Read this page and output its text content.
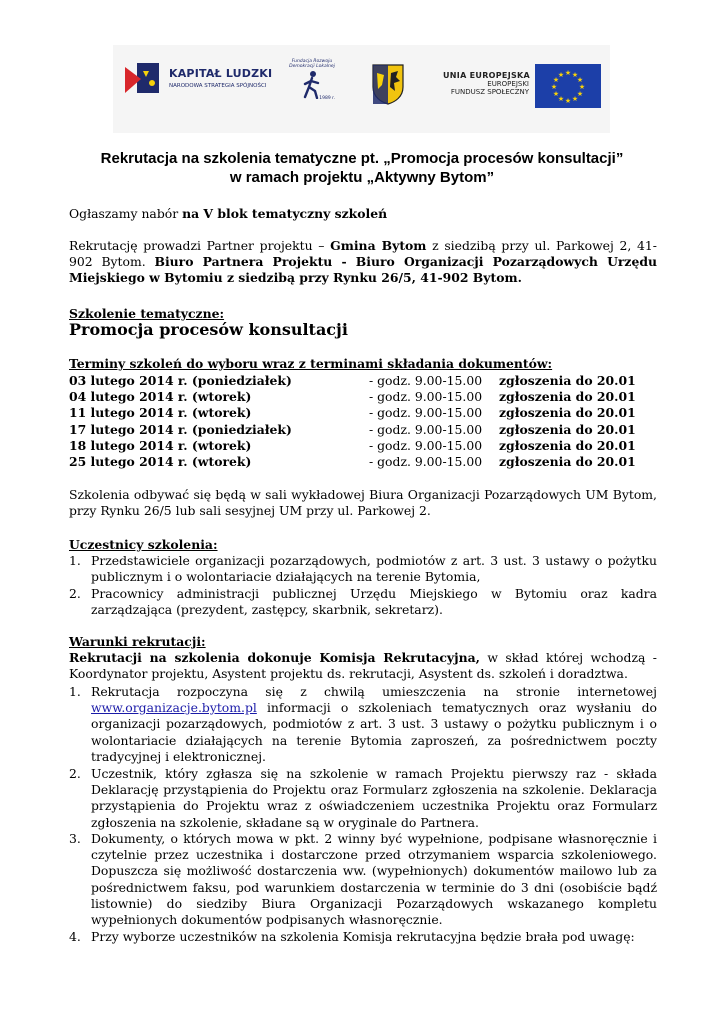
KAPITAŁ LUDZKI
NARODOWA STRATEGIA SPÓJNOŚCI
Fundacja Rozwoju Demokracji Lokalnej
1989 r.
UNIA EUROPEJSKA
EUROPEJSKI
FUNDUSZ SPOŁECZNY
★ ★
★
★
★
★
★
★
★
★
★
★
Rekrutacja na szkolenia tematyczne pt. „Promocja procesów konsultacji”
w ramach projektu „Aktywny Bytom”
Ogłaszamy nabór na V blok tematyczny szkoleń
Rekrutację prowadzi Partner projektu – Gmina Bytom z siedzibą przy ul. Parkowej 2, 41-902 Bytom. Biuro Partnera Projektu - Biuro Organizacji Pozarządowych Urzędu Miejskiego w Bytomiu z siedzibą przy Rynku 26/5, 41-902 Bytom.
Szkolenie tematyczne:
Promocja procesów konsultacji
Terminy szkoleń do wyboru wraz z terminami składania dokumentów:
03 lutego 2014 r. (poniedziałek)	- godz. 9.00-15.00 zgłoszenia do 20.01
04 lutego 2014 r. (wtorek)	- godz. 9.00-15.00 zgłoszenia do 20.01
11 lutego 2014 r. (wtorek)	- godz. 9.00-15.00 zgłoszenia do 20.01
17 lutego 2014 r. (poniedziałek)	- godz. 9.00-15.00 zgłoszenia do 20.01
18 lutego 2014 r. (wtorek)	- godz. 9.00-15.00 zgłoszenia do 20.01
25 lutego 2014 r. (wtorek)	- godz. 9.00-15.00 zgłoszenia do 20.01
Szkolenia odbywać się będą w sali wykładowej Biura Organizacji Pozarządowych UM Bytom, przy Rynku 26/5 lub sali sesyjnej UM przy ul. Parkowej 2.
Uczestnicy szkolenia:
1. Przedstawiciele organizacji pozarządowych, podmiotów z art. 3 ust. 3 ustawy o pożytku publicznym i o wolontariacie działających na terenie Bytomia,
2. Pracownicy administracji publicznej Urzędu Miejskiego w Bytomiu oraz kadra zarządzająca (prezydent, zastępcy, skarbnik, sekretarz).
Warunki rekrutacji:
Rekrutacji na szkolenia dokonuje Komisja Rekrutacyjna, w skład której wchodzą - Koordynator projektu, Asystent projektu ds. rekrutacji, Asystent ds. szkoleń i doradztwa.
1. Rekrutacja rozpoczyna się z chwilą umieszczenia na stronie internetowej www.organizacje.bytom.pl informacji o szkoleniach tematycznych oraz wysłaniu do organizacji pozarządowych, podmiotów z art. 3 ust. 3 ustawy o pożytku publicznym i o wolontariacie działających na terenie Bytomia zaproszeń, za pośrednictwem poczty tradycyjnej i elektronicznej.
2. Uczestnik, który zgłasza się na szkolenie w ramach Projektu pierwszy raz - składa Deklarację przystąpienia do Projektu oraz Formularz zgłoszenia na szkolenie. Deklaracja przystąpienia do Projektu wraz z oświadczeniem uczestnika Projektu oraz Formularz zgłoszenia na szkolenie, składane są w oryginale do Partnera.
3. Dokumenty, o których mowa w pkt. 2 winny być wypełnione, podpisane własnoręcznie i czytelnie przez uczestnika i dostarczone przed otrzymaniem wsparcia szkoleniowego. Dopuszcza się możliwość dostarczenia ww. (wypełnionych) dokumentów mailowo lub za pośrednictwem faksu, pod warunkiem dostarczenia w terminie do 3 dni (osobiście bądź listownie) do siedziby Biura Organizacji Pozarządowych wskazanego kompletu wypełnionych dokumentów podpisanych własnoręcznie.
4. Przy wyborze uczestników na szkolenia Komisja rekrutacyjna będzie brała pod uwagę:
